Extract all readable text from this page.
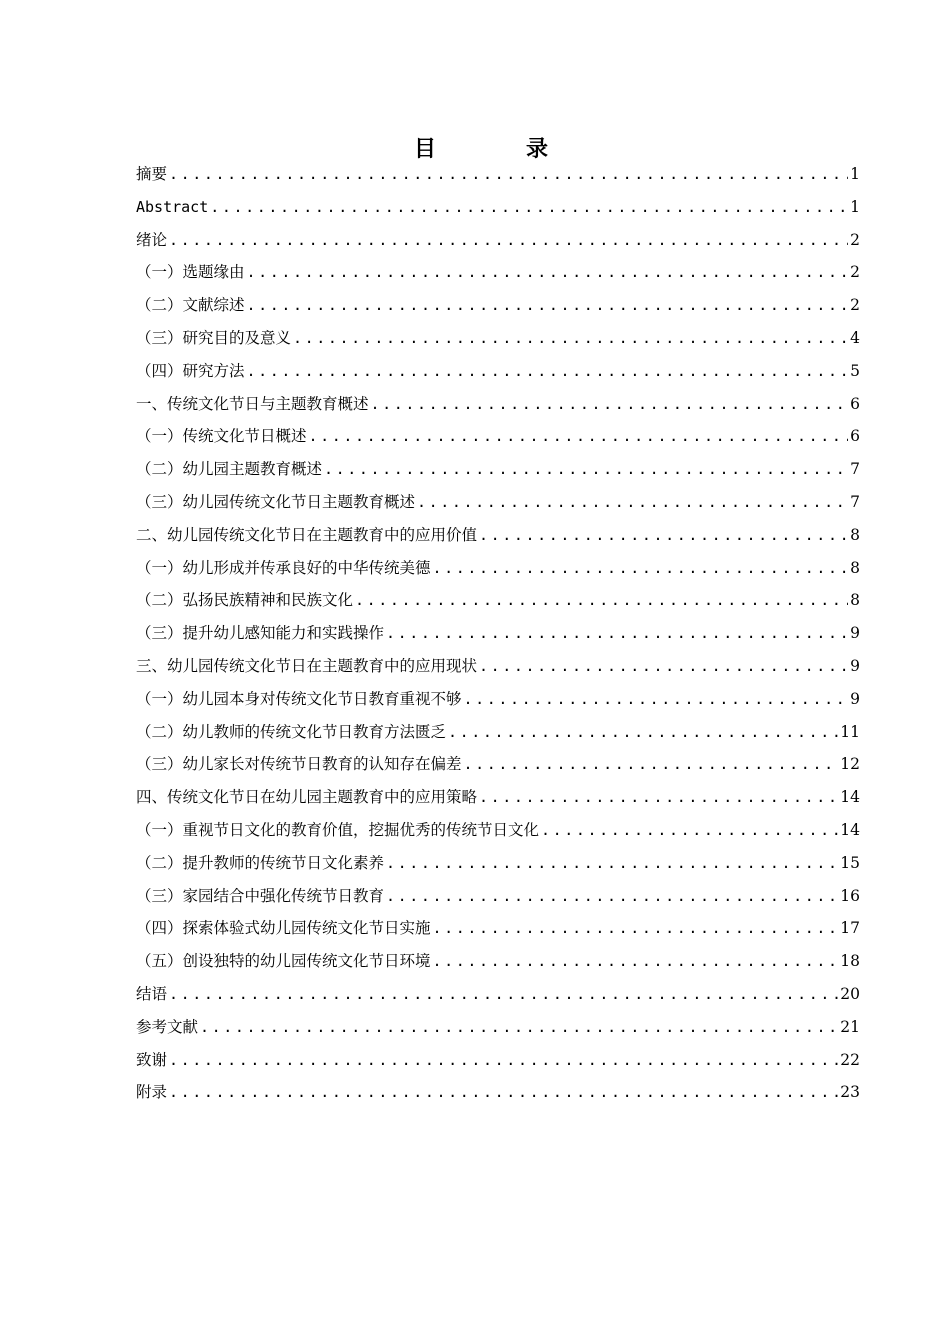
目　录
摘要 .....	1
Abstract .....	1
绪论 .....	2
（一）选题缘由 .....	2
（二）文献综述 .....	2
（三）研究目的及意义 .....	4
（四）研究方法 .....	5
一、传统文化节日与主题教育概述 .....	6
（一）传统文化节日概述 .....	6
（二）幼儿园主题教育概述 .....	7
（三）幼儿园传统文化节日主题教育概述 .....	7
二、幼儿园传统文化节日在主题教育中的应用价值 .....	8
（一）幼儿形成并传承良好的中华传统美德 .....	8
（二）弘扬民族精神和民族文化 .....	8
（三）提升幼儿感知能力和实践操作 .....	9
三、幼儿园传统文化节日在主题教育中的应用现状 .....	9
（一）幼儿园本身对传统文化节日教育重视不够 .....	9
（二）幼儿教师的传统文化节日教育方法匮乏 .....	11
（三）幼儿家长对传统节日教育的认知存在偏差 .....	12
四、传统文化节日在幼儿园主题教育中的应用策略 .....	14
（一）重视节日文化的教育价值，挖掘优秀的传统节日文化 .....	14
（二）提升教师的传统节日文化素养 .....	15
（三）家园结合中强化传统节日教育 .....	16
（四）探索体验式幼儿园传统文化节日实施 .....	17
（五）创设独特的幼儿园传统文化节日环境 .....	18
结语 .....	20
参考文献 .....	21
致谢 .....	22
附录 .....	23
